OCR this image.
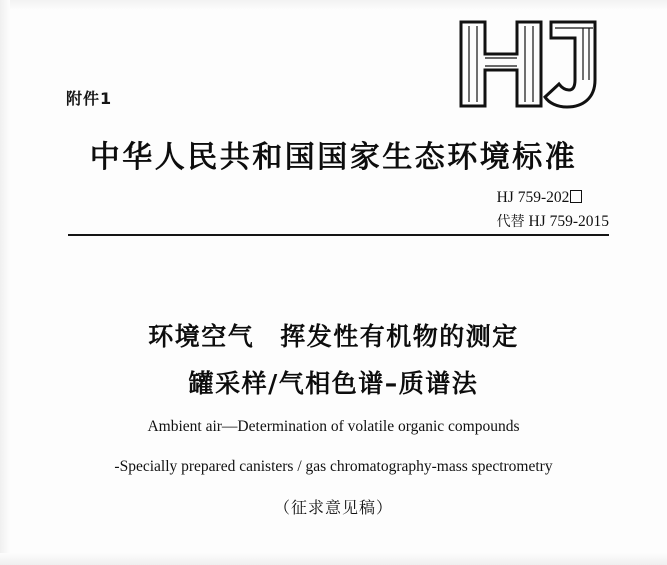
附件1
中华人民共和国国家生态环境标准
HJ 759-202
代替 HJ 759-2015
环境空气 挥发性有机物的测定
罐采样/气相色谱–质谱法
Ambient air—Determination of volatile organic compounds
-Specially prepared canisters / gas chromatography-mass spectrometry
（征求意见稿）
